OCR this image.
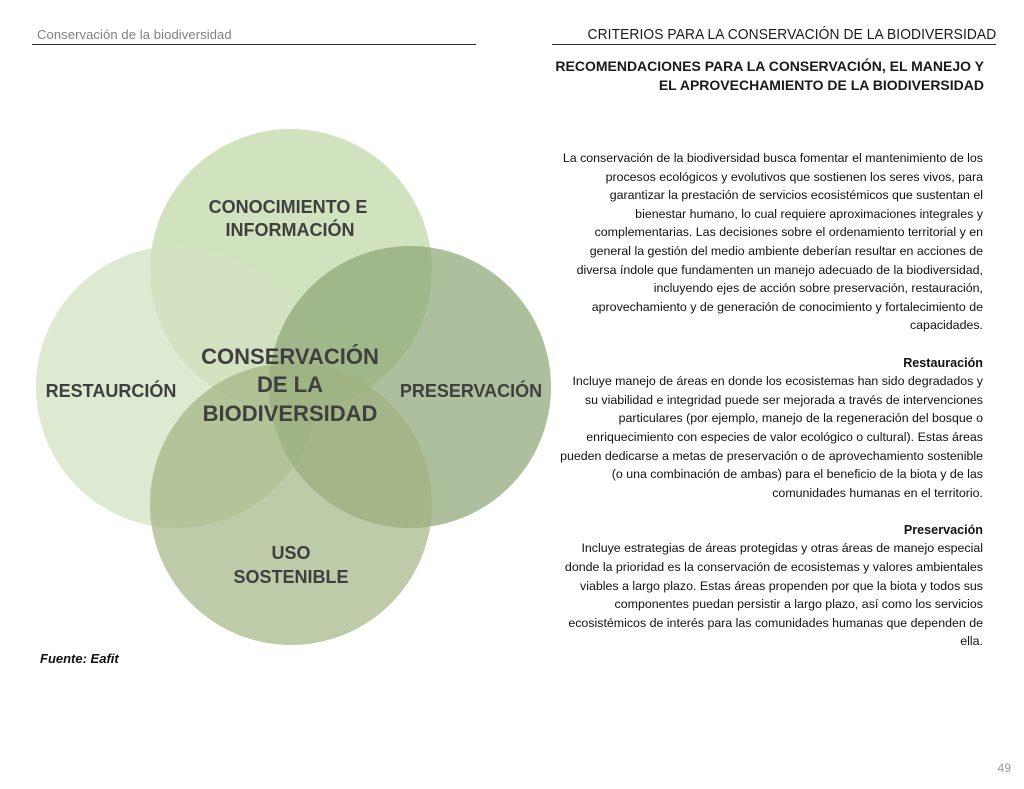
Conservación de la biodiversidad	CRITERIOS PARA LA CONSERVACIÓN DE LA BIODIVERSIDAD
RECOMENDACIONES PARA LA CONSERVACIÓN, EL MANEJO Y EL APROVECHAMIENTO DE LA BIODIVERSIDAD
CONOCIMIENTO E
INFORMACIÓN
RESTAURCIÓN	PRESERVACIÓN
USO
SOSTENIBLE
CONSERVACIÓN
DE LA
BIODIVERSIDAD
Fuente: Eafit

La conservación de la biodiversidad busca fomentar el mantenimiento de los procesos ecológicos y evolutivos que sostienen los seres vivos, para garantizar la prestación de servicios ecosistémicos que sustentan el bienestar humano, lo cual requiere aproximaciones integrales y complementarias. Las decisiones sobre el ordenamiento territorial y en general la gestión del medio ambiente deberían resultar en acciones de diversa índole que fundamenten un manejo adecuado de la biodiversidad, incluyendo ejes de acción sobre preservación, restauración, aprovechamiento y de generación de conocimiento y fortalecimiento de capacidades.

Restauración

Incluye manejo de áreas en donde los ecosistemas han sido degradados y su viabilidad e integridad puede ser mejorada a través de intervenciones particulares (por ejemplo, manejo de la regeneración del bosque o enriquecimiento con especies de valor ecológico o cultural). Estas áreas pueden dedicarse a metas de preservación o de aprovechamiento sostenible (o una combinación de ambas) para el beneficio de la biota y de las comunidades humanas en el territorio.

Preservación

Incluye estrategias de áreas protegidas y otras áreas de manejo especial donde la prioridad es la conservación de ecosistemas y valores ambientales viables a largo plazo. Estas áreas propenden por que la biota y todos sus componentes puedan persistir a largo plazo, así como los servicios ecosistémicos de interés para las comunidades humanas que dependen de ella.

49
